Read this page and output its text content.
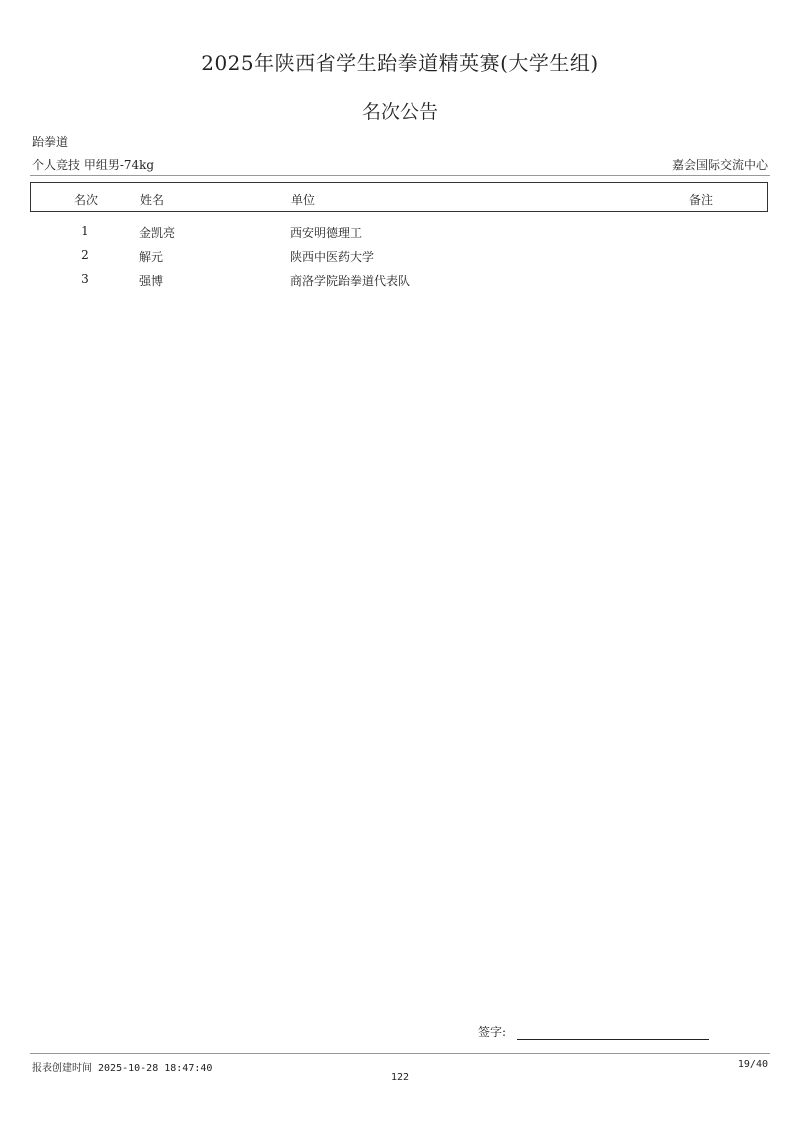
2025年陕西省学生跆拳道精英赛(大学生组)
名次公告
跆拳道
个人竞技 甲组男-74kg	嘉会国际交流中心
名次	姓名	单位	备注
1	金凯亮	西安明德理工
2	解元	陕西中医药大学
3	强博	商洛学院跆拳道代表队
签字:
报表创建时间 2025-10-28 18:47:40	19/40
122
